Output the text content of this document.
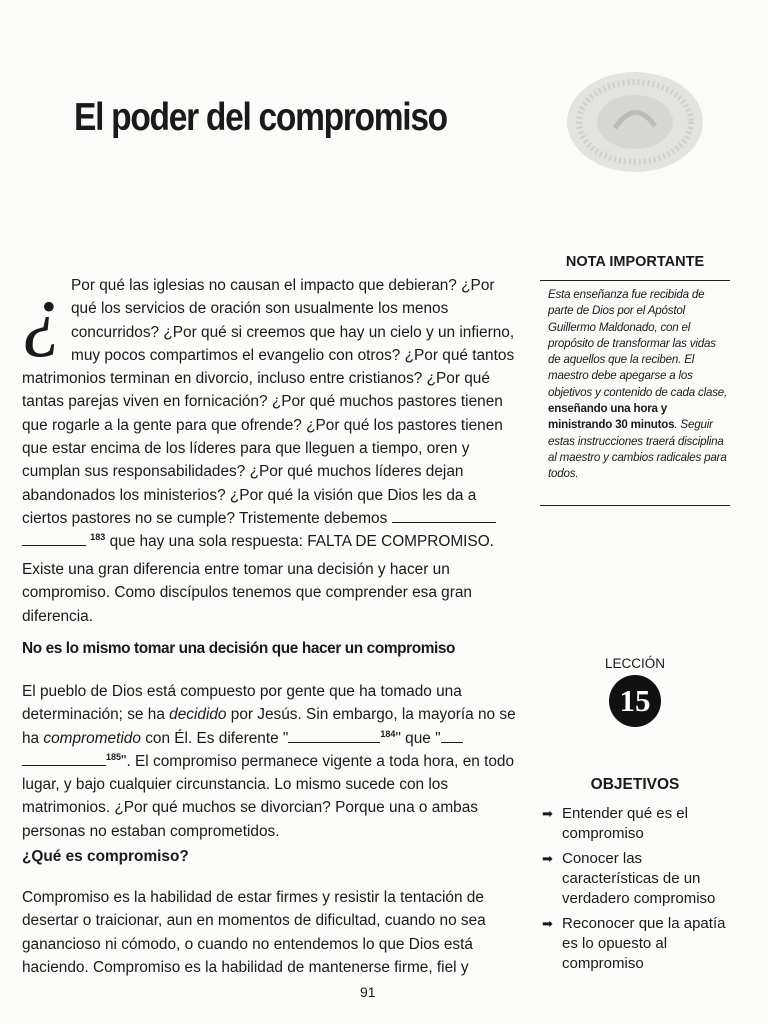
El poder del compromiso
¿ Por qué las iglesias no causan el impacto que debieran? ¿Por qué los servicios de oración son usualmente los menos concurridos? ¿Por qué si creemos que hay un cielo y un infierno, muy pocos compartimos el evangelio con otros? ¿Por qué tantos matrimonios terminan en divorcio, incluso entre cristianos? ¿Por qué tantas parejas viven en fornicación? ¿Por qué muchos pastores tienen que rogarle a la gente para que ofrende? ¿Por qué los pastores tienen que estar encima de los líderes para que lleguen a tiempo, oren y cumplan sus responsabilidades? ¿Por qué muchos líderes dejan abandonados los ministerios? ¿Por qué la visión que Dios les da a ciertos pastores no se cumple? Tristemente debemos
$^{183}$ que hay una sola respuesta: FALTA DE COMPROMISO.

Existe una gran diferencia entre tomar una decisión y hacer un compromiso. Como discípulos tenemos que comprender esa gran diferencia.

No es lo mismo tomar una decisión que hacer un compromiso
El pueblo de Dios está compuesto por gente que ha tomado una determinación; se ha decidido por Jesús. Sin embargo, la mayoría no se ha comprometido con Él. Es diferente "	$^{184}$" que "
$^{185}$". El compromiso permanece vigente a toda hora, en todo lugar, y bajo cualquier circunstancia. Lo mismo sucede con los matrimonios. ¿Por qué muchos se divorcian? Porque una o ambas personas no estaban comprometidos.
¿Qué es compromiso?

Compromiso es la habilidad de estar firmes y resistir la tentación de desertar o traicionar, aun en momentos de dificultad, cuando no sea ganancioso ni cómodo, o cuando no entendemos lo que Dios está haciendo. Compromiso es la habilidad de mantenerse firme, fiel y

NOTA IMPORTANTE
Esta enseñanza fue recibida de parte de Dios por el Apóstol Guillermo Maldonado, con el propósito de transformar las vidas de aquellos que la reciben. El maestro debe apegarse a los objetivos y contenido de cada clase, enseñando una hora y ministrando 30 minutos. Seguir estas instrucciones traerá disciplina al maestro y cambios radicales para todos.
LECCIÓN
15
OBJETIVOS
➡ Entender qué es el compromiso
➡ Conocer las características de un verdadero compromiso
➡ Reconocer que la apatía es lo opuesto al compromiso
91
